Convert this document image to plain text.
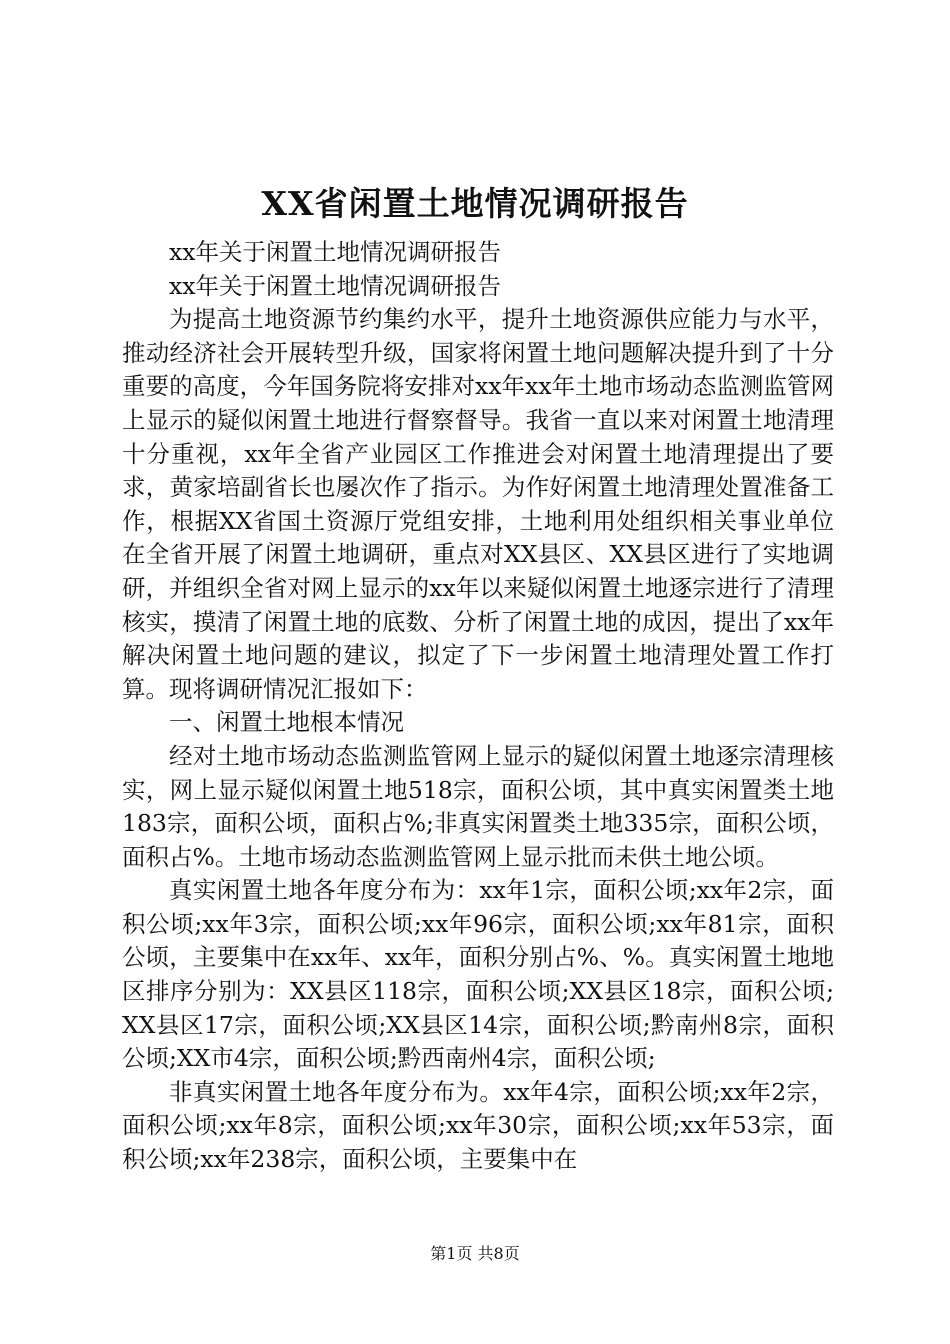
XX省闲置土地情况调研报告

xx年关于闲置土地情况调研报告

xx年关于闲置土地情况调研报告

为提高土地资源节约集约水平，提升土地资源供应能力与水平，推动经济社会开展转型升级，国家将闲置土地问题解决提升到了十分重要的高度，今年国务院将安排对xx年xx年土地市场动态监测监管网上显示的疑似闲置土地进行督察督导。我省一直以来对闲置土地清理十分重视，xx年全省产业园区工作推进会对闲置土地清理提出了要求，黄家培副省长也屡次作了指示。为作好闲置土地清理处置准备工作，根据XX省国土资源厅党组安排，土地利用处组织相关事业单位在全省开展了闲置土地调研，重点对XX县区、XX县区进行了实地调研，并组织全省对网上显示的xx年以来疑似闲置土地逐宗进行了清理核实，摸清了闲置土地的底数、分析了闲置土地的成因，提出了xx年解决闲置土地问题的建议，拟定了下一步闲置土地清理处置工作打算。现将调研情况汇报如下：

一、闲置土地根本情况

经对土地市场动态监测监管网上显示的疑似闲置土地逐宗清理核实，网上显示疑似闲置土地518宗，面积公顷，其中真实闲置类土地183宗，面积公顷，面积占%;非真实闲置类土地335宗，面积公顷，面积占%。土地市场动态监测监管网上显示批而未供土地公顷。

真实闲置土地各年度分布为：xx年1宗，面积公顷;xx年2宗，面积公顷;xx年3宗，面积公顷;xx年96宗，面积公顷;xx年81宗，面积公顷，主要集中在xx年、xx年，面积分别占%、%。真实闲置土地地区排序分别为：XX县区118宗，面积公顷;XX县区18宗，面积公顷;XX县区17宗，面积公顷;XX县区14宗，面积公顷;黔南州8宗，面积公顷;XX市4宗，面积公顷;黔西南州4宗，面积公顷;

非真实闲置土地各年度分布为。xx年4宗，面积公顷;xx年2宗，面积公顷;xx年8宗，面积公顷;xx年30宗，面积公顷;xx年53宗，面积公顷;xx年238宗，面积公顷，主要集中在

第1页 共8页
